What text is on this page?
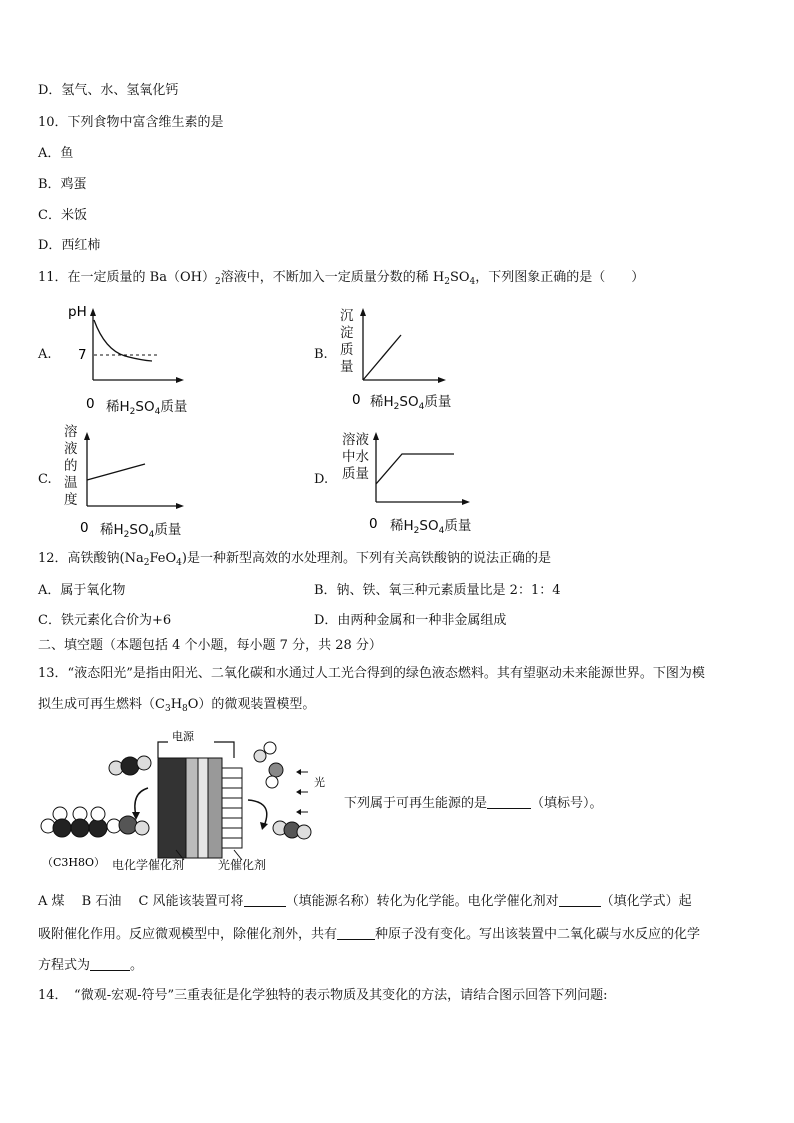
D．氢气、水、氢氧化钙
10．下列食物中富含维生素的是
A．鱼
B．鸡蛋
C．米饭
D．西红柿
11．在一定质量的 $Ba(OH)_2$溶液中，不断加入一定质量分数的稀 $H_2SO_4$，下列图象正确的是（　　）
A.
pH
7
0 稀$H_2SO_4$质量
B.
沉淀质量
0 稀$H_2SO_4$质量
C.
溶液的温度
0 稀$H_2SO_4$质量
D.
溶液中水质量
0 稀$H_2SO_4$质量
12．高铁酸钠$(Na_2FeO_4)$是一种新型高效的水处理剂。下列有关高铁酸钠的说法正确的是
A．属于氧化物	B．钠、铁、氧三种元素质量比是 2：1：4
C．铁元素化合价为+6	D．由两种金属和一种非金属组成
二、填空题（本题包括 4 个小题，每小题 7 分，共 28 分）
13．“液态阳光”是指由阳光、二氧化碳和水通过人工光合得到的绿色液态燃料。其有望驱动未来能源世界。下图为模
拟生成可再生燃料$(C_3H_8O)$的微观装置模型。
电源
光
（C3H8O） 电化学催化剂	光催化剂
下列属于可再生能源的是	（填标号）。
A 煤　 B 石油　 C 风能该装置可将	（填能源名称）转化为化学能。电化学催化剂对	（填化学式）起
吸附催化作用。反应微观模型中，除催化剂外，共有	种原子没有变化。写出该装置中二氧化碳与水反应的化学
方程式为	。
14．　“微观-宏观-符号”三重表征是化学独特的表示物质及其变化的方法，请结合图示回答下列问题:
